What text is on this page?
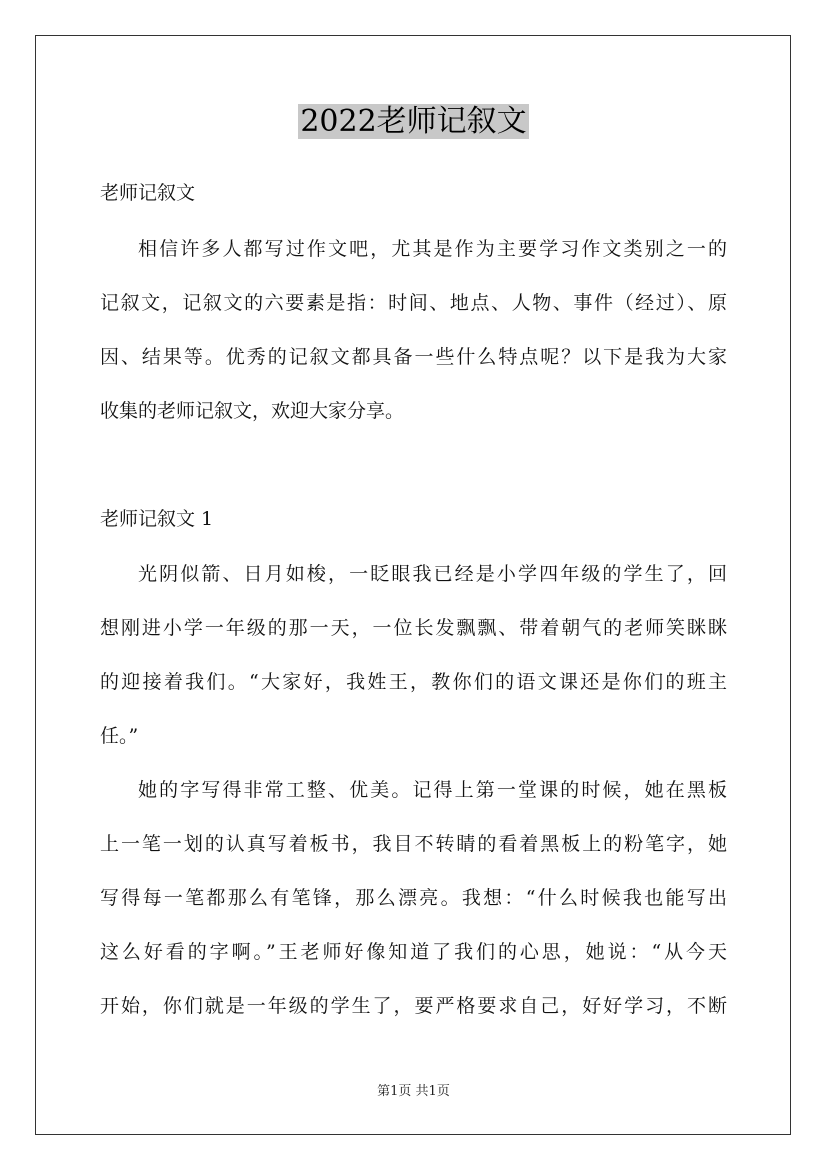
2022老师记叙文
老师记叙文
相信许多人都写过作文吧，尤其是作为主要学习作文类别之一的
记叙文，记叙文的六要素是指：时间、地点、人物、事件（经过）、原
因、结果等。优秀的记叙文都具备一些什么特点呢？以下是我为大家
收集的老师记叙文，欢迎大家分享。
老师记叙文 1
光阴似箭、日月如梭，一眨眼我已经是小学四年级的学生了，回
想刚进小学一年级的那一天，一位长发飘飘、带着朝气的老师笑眯眯
的迎接着我们。“大家好，我姓王，教你们的语文课还是你们的班主
任。”
她的字写得非常工整、优美。记得上第一堂课的时候，她在黑板
上一笔一划的认真写着板书，我目不转睛的看着黑板上的粉笔字，她
写得每一笔都那么有笔锋，那么漂亮。我想：“什么时候我也能写出
这么好看的字啊。”王老师好像知道了我们的心思，她说：“从今天
开始，你们就是一年级的学生了，要严格要求自己，好好学习，不断
第1页 共1页
